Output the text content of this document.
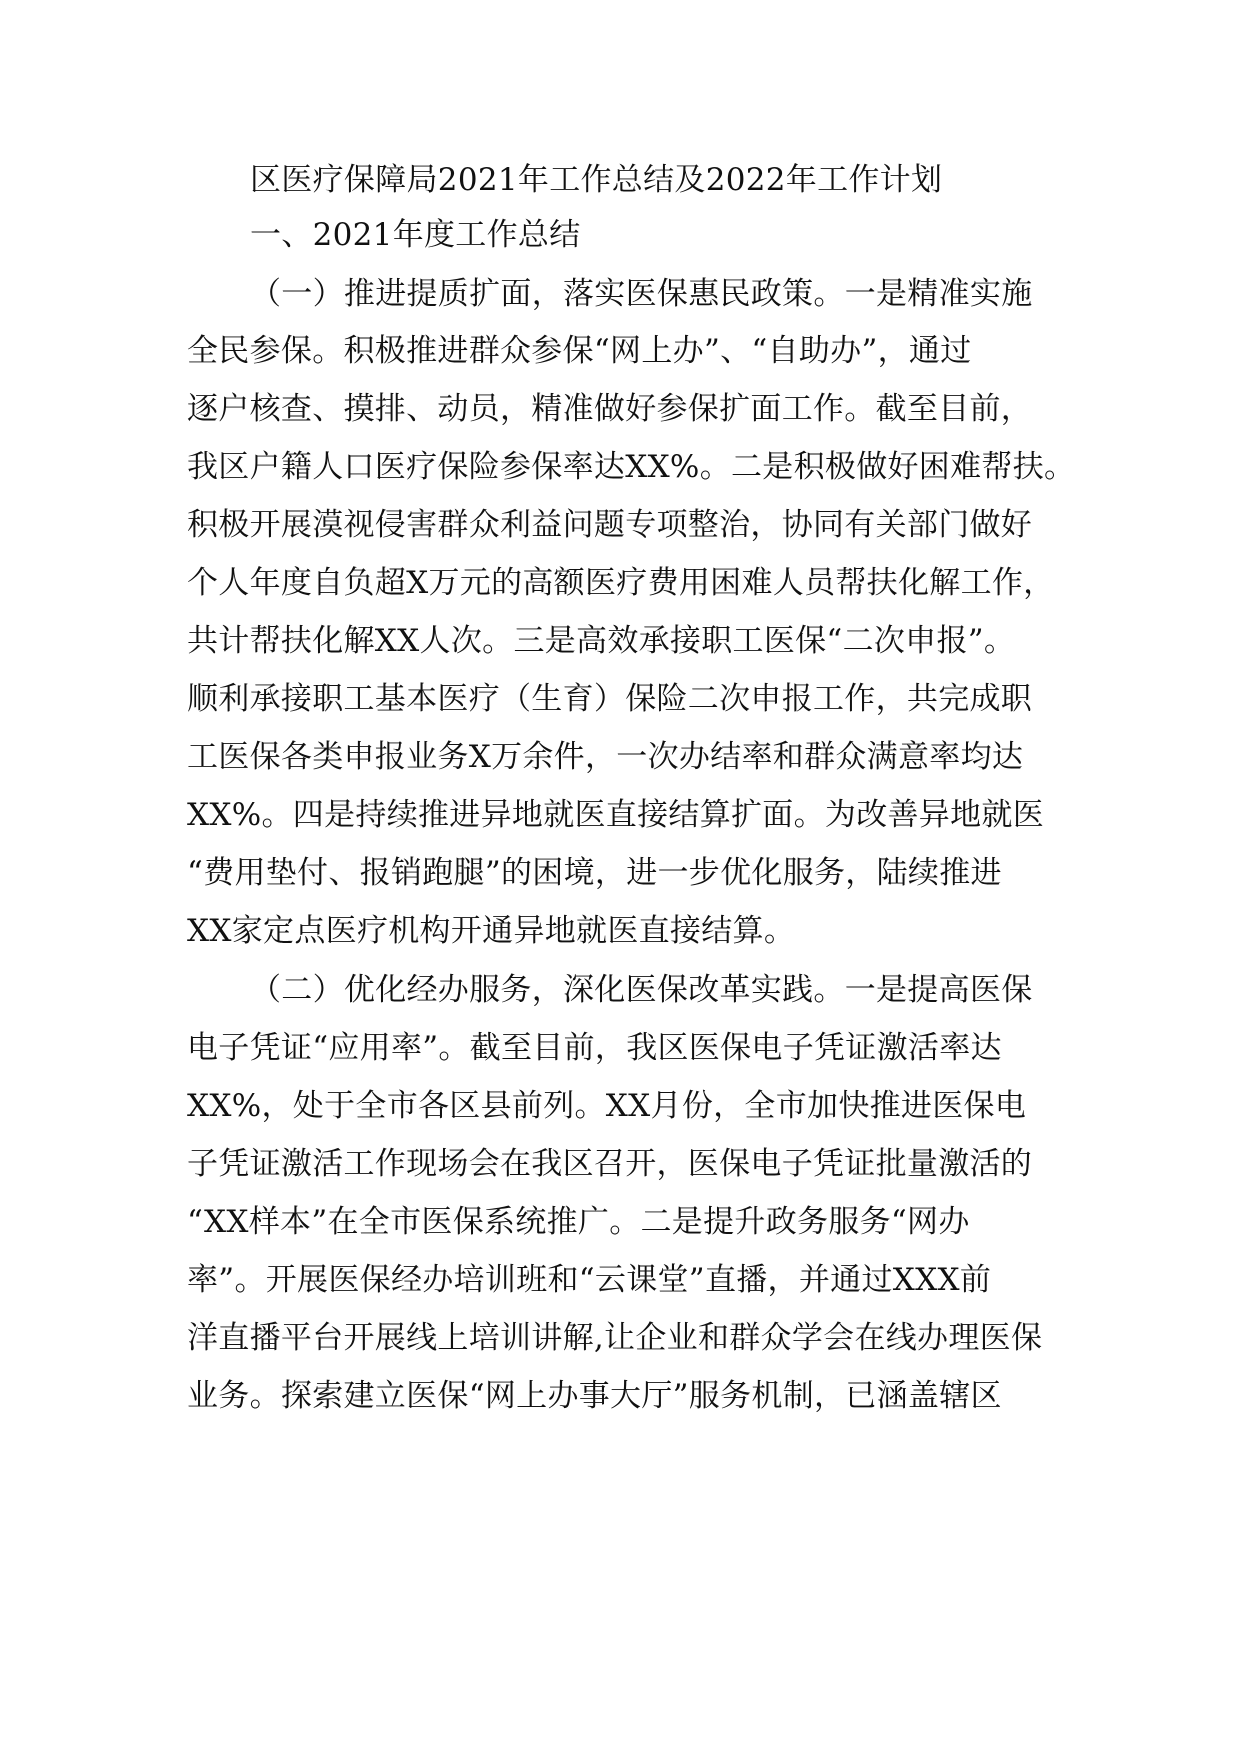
区医疗保障局2021年工作总结及2022年工作计划

一、2021年度工作总结

（一）推进提质扩面，落实医保惠民政策。一是精准实施

全民参保。积极推进群众参保“网上办”、“自助办”，通过

逐户核查、摸排、动员，精准做好参保扩面工作。截至目前，

我区户籍人口医疗保险参保率达XX%。二是积极做好困难帮扶。

积极开展漠视侵害群众利益问题专项整治，协同有关部门做好

个人年度自负超X万元的高额医疗费用困难人员帮扶化解工作，

共计帮扶化解XX人次。三是高效承接职工医保“二次申报”。

顺利承接职工基本医疗（生育）保险二次申报工作，共完成职

工医保各类申报业务X万余件，一次办结率和群众满意率均达

XX%。四是持续推进异地就医直接结算扩面。为改善异地就医

“费用垫付、报销跑腿”的困境，进一步优化服务，陆续推进

XX家定点医疗机构开通异地就医直接结算。

（二）优化经办服务，深化医保改革实践。一是提高医保

电子凭证“应用率”。截至目前，我区医保电子凭证激活率达

XX%，处于全市各区县前列。XX月份，全市加快推进医保电

子凭证激活工作现场会在我区召开，医保电子凭证批量激活的

“XX样本”在全市医保系统推广。二是提升政务服务“网办

率”。开展医保经办培训班和“云课堂”直播，并通过XXX前

洋直播平台开展线上培训讲解,让企业和群众学会在线办理医保

业务。探索建立医保“网上办事大厅”服务机制，已涵盖辖区
